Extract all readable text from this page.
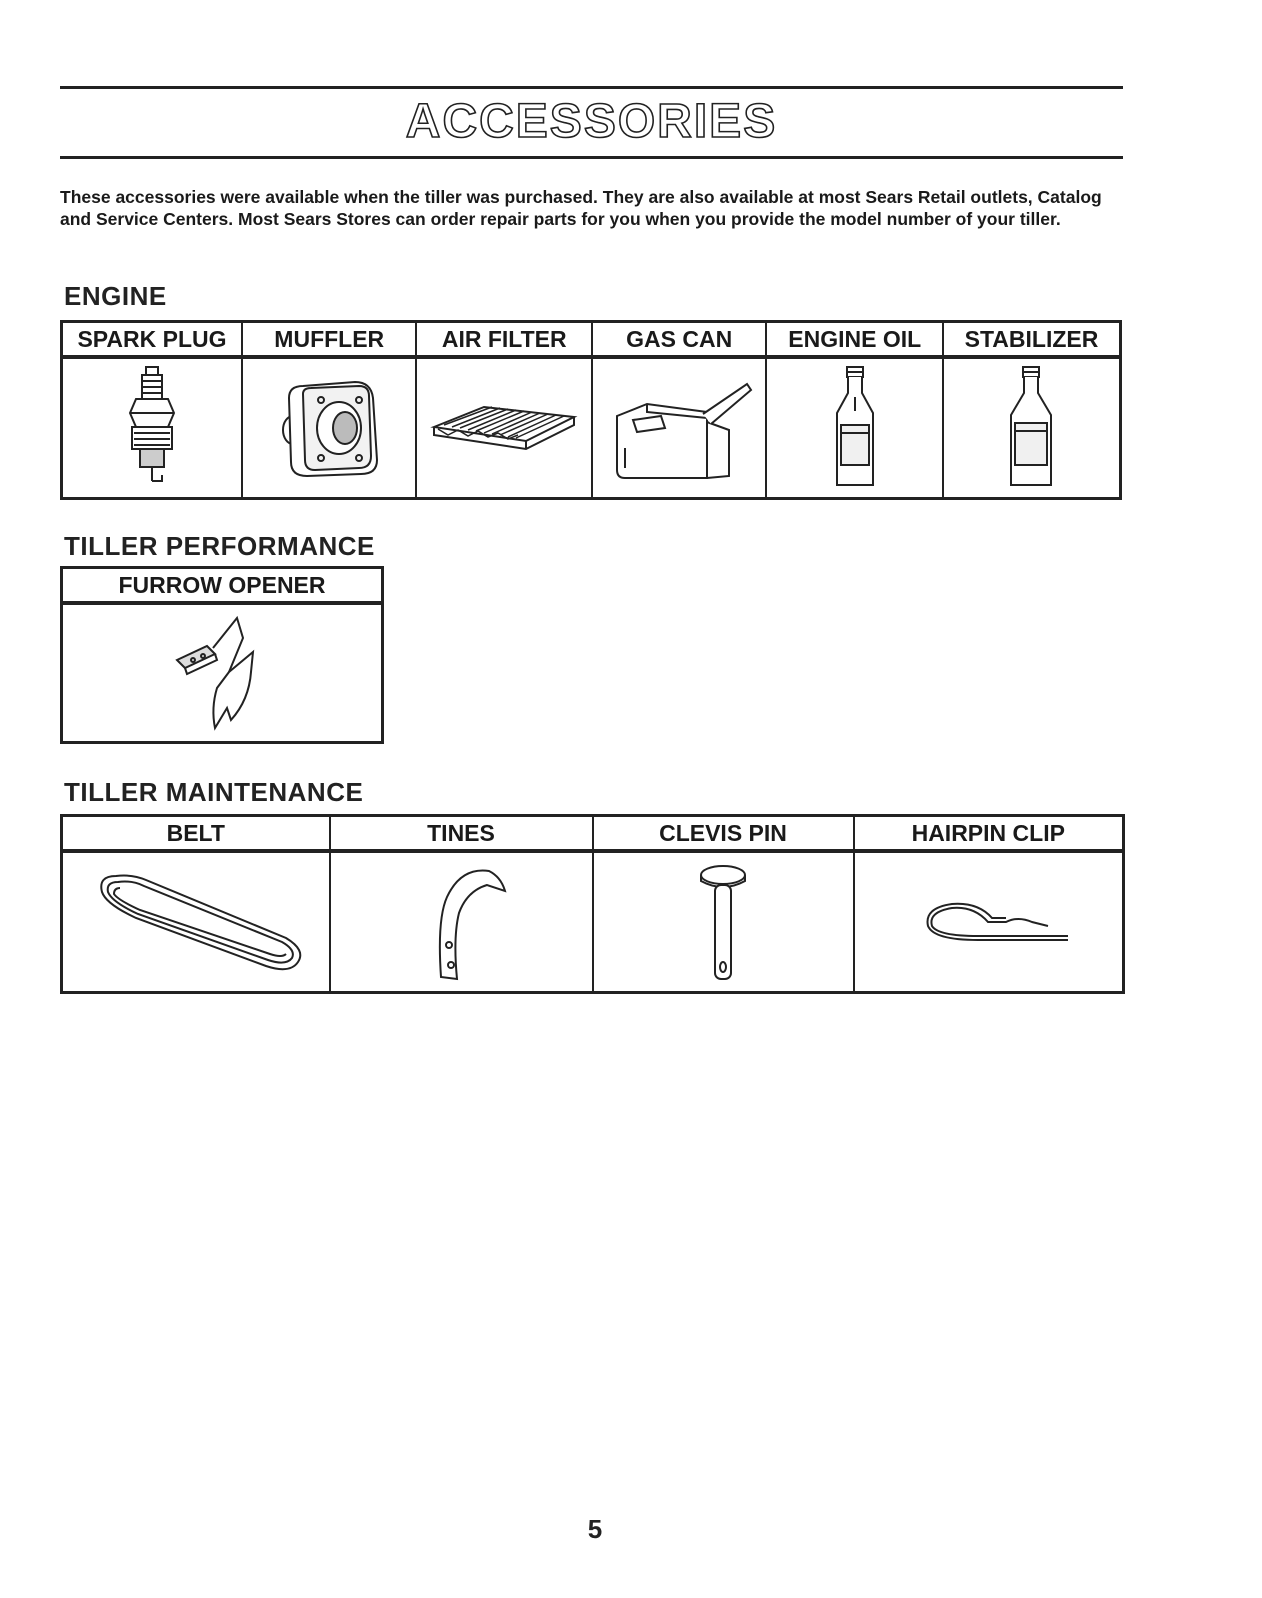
ACCESSORIES
These accessories were available when the tiller was purchased. They are also available at most Sears Retail outlets, Catalog and Service Centers. Most Sears Stores can order repair parts for you when you provide the model number of your tiller.
ENGINE
SPARK PLUG	MUFFLER	AIR FILTER	GAS CAN	ENGINE OIL	STABILIZER

TILLER PERFORMANCE
FURROW OPENER

TILLER MAINTENANCE
BELT	TINES	CLEVIS PIN	HAIRPIN CLIP

5
